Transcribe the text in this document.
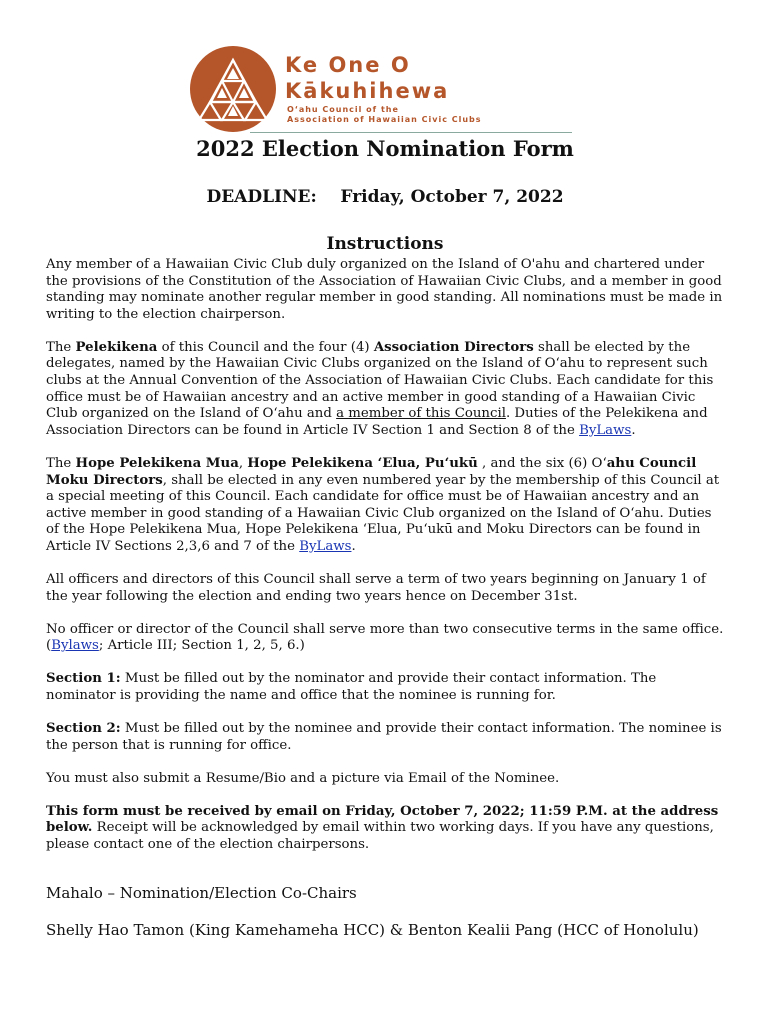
Ke One O
Kākuhihewa
O‘ahu Council of the
Association of Hawaiian Civic Clubs
2022 Election Nomination Form
DEADLINE:    Friday, October 7, 2022
Instructions

Any member of a Hawaiian Civic Club duly organized on the Island of O'ahu and chartered under the provisions of the Constitution of the Association of Hawaiian Civic Clubs, and a member in good standing may nominate another regular member in good standing. All nominations must be made in writing to the election chairperson.

The Pelekikena of this Council and the four (4) Association Directors shall be elected by the delegates, named by the Hawaiian Civic Clubs organized on the Island of O‘ahu to represent such clubs at the Annual Convention of the Association of Hawaiian Civic Clubs. Each candidate for this office must be of Hawaiian ancestry and an active member in good standing of a Hawaiian Civic Club organized on the Island of O‘ahu and a member of this Council. Duties of the Pelekikena and Association Directors can be found in Article IV Section 1 and Section 8 of the ByLaws.

The Hope Pelekikena Mua, Hope Pelekikena ‘Elua, Pu‘ukū , and the six (6) O‘ahu Council Moku Directors, shall be elected in any even numbered year by the membership of this Council at a special meeting of this Council. Each candidate for office must be of Hawaiian ancestry and an active member in good standing of a Hawaiian Civic Club organized on the Island of O‘ahu. Duties of the Hope Pelekikena Mua, Hope Pelekikena ‘Elua, Pu‘ukū and Moku Directors can be found in Article IV Sections 2,3,6 and 7 of the ByLaws.

All officers and directors of this Council shall serve a term of two years beginning on January 1 of the year following the election and ending two years hence on December 31st.

No officer or director of the Council shall serve more than two consecutive terms in the same office. (Bylaws; Article III; Section 1, 2, 5, 6.)

Section 1: Must be filled out by the nominator and provide their contact information. The nominator is providing the name and office that the nominee is running for.

Section 2: Must be filled out by the nominee and provide their contact information. The nominee is the person that is running for office.

You must also submit a Resume/Bio and a picture via Email of the Nominee.

This form must be received by email on Friday, October 7, 2022; 11:59 P.M. at the address below. Receipt will be acknowledged by email within two working days. If you have any questions, please contact one of the election chairpersons.

Mahalo – Nomination/Election Co-Chairs
Shelly Hao Tamon (King Kamehameha HCC) & Benton Kealii Pang (HCC of Honolulu)
